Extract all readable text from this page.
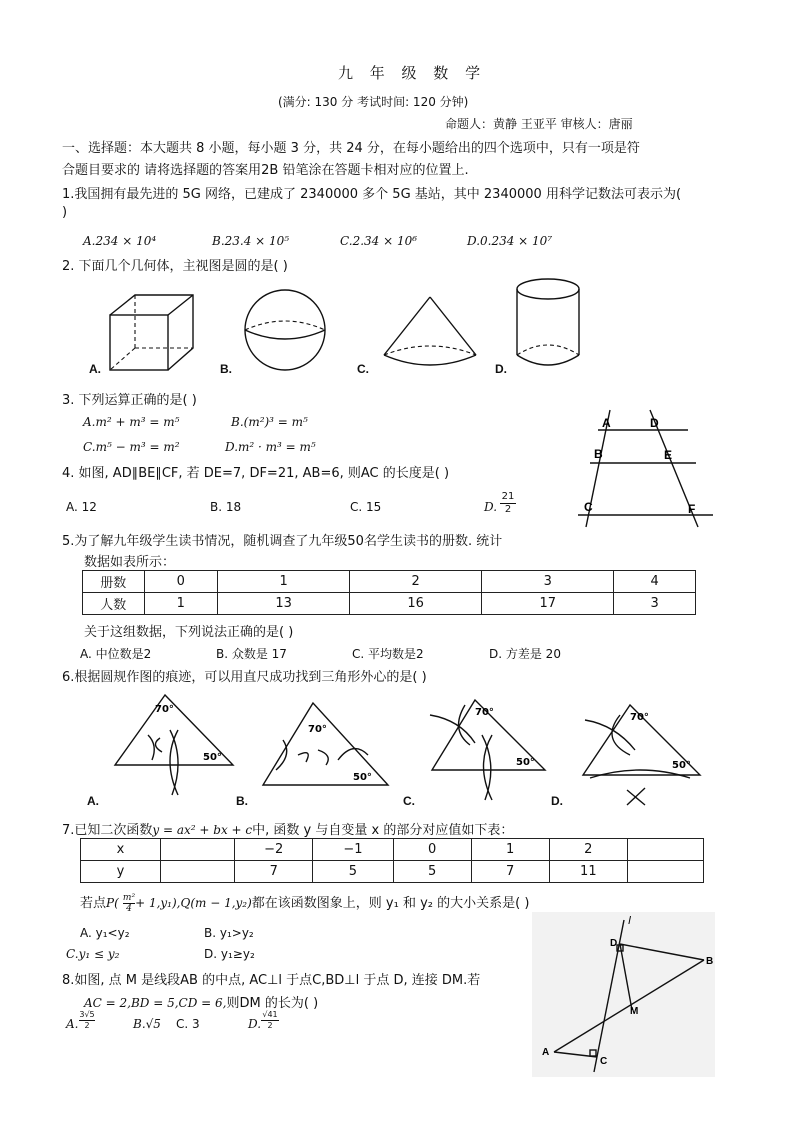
九 年 级 数 学
(满分: 130 分 考试时间: 120 分钟)
命题人：黄静 王亚平 审核人：唐丽
一、选择题：本大题共 8 小题，每小题 3 分，共 24 分，在每小题给出的四个选项中，只有一项是符
合题目要求的 请将选择题的答案用2B 铅笔涂在答题卡相对应的位置上.
1.我国拥有最先进的 5G 网络，已建成了 2340000 多个 5G 基站，其中 2340000 用科学记数法可表示为(
)
A.234 × 10⁴	B.23.4 × 10⁵	C.2.34 × 10⁶	D.0.234 × 10⁷
2. 下面几个几何体，主视图是圆的是( )
A.	B.	C.	D.
3. 下列运算正确的是( )
A.m² + m³ = m⁵	B.(m²)³ = m⁵
C.m⁵ − m³ = m²	D.m² · m³ = m⁵
A	D
B	E
C	F
4. 如图, AD∥BE∥CF, 若 DE=7, DF=21, AB=6, 则AC 的长度是( )
A. 12	B. 18	C. 15	D. $\frac{21}{2}$
5.为了解九年级学生读书情况，随机调查了九年级50名学生读书的册数. 统计
数据如表所示：
册数	0	1	2	3	4
人数	1	13	16	17	3
关于这组数据，下列说法正确的是( )
A. 中位数是2	B. 众数是 17	C. 平均数是2	D. 方差是 20
6.根据圆规作图的痕迹，可以用直尺成功找到三角形外心的是( )
70°
50°
A.
70°
50°
B.
70°
50°
C.
70°
50°
D.
7.已知二次函数y = ax² + bx + c中, 函数 y 与自变量 x 的部分对应值如下表：
x		−2	−1	0	1	2	
y		7	5	5	7	11	
若点$P( \frac{\text{m²}}{4} + 1,y_1),Q(m - 1,y_2)$都在该函数图象上，则 y₁ 和 y₂ 的大小关系是( )
A. y₁<y₂	B. y₁>y₂
C.y₁ ≤ y₂	D. y₁≥y₂
l
D
B
M
A
C
8.如图, 点 M 是线段AB 的中点, AC⊥l 于点C,BD⊥l 于点 D, 连接 DM.若
AC = 2,BD = 5,CD = 6,则DM 的长为( )
A. $\frac{3√5}{2}$	B.√5 C. 3	D. $\frac{√41}{2}$
